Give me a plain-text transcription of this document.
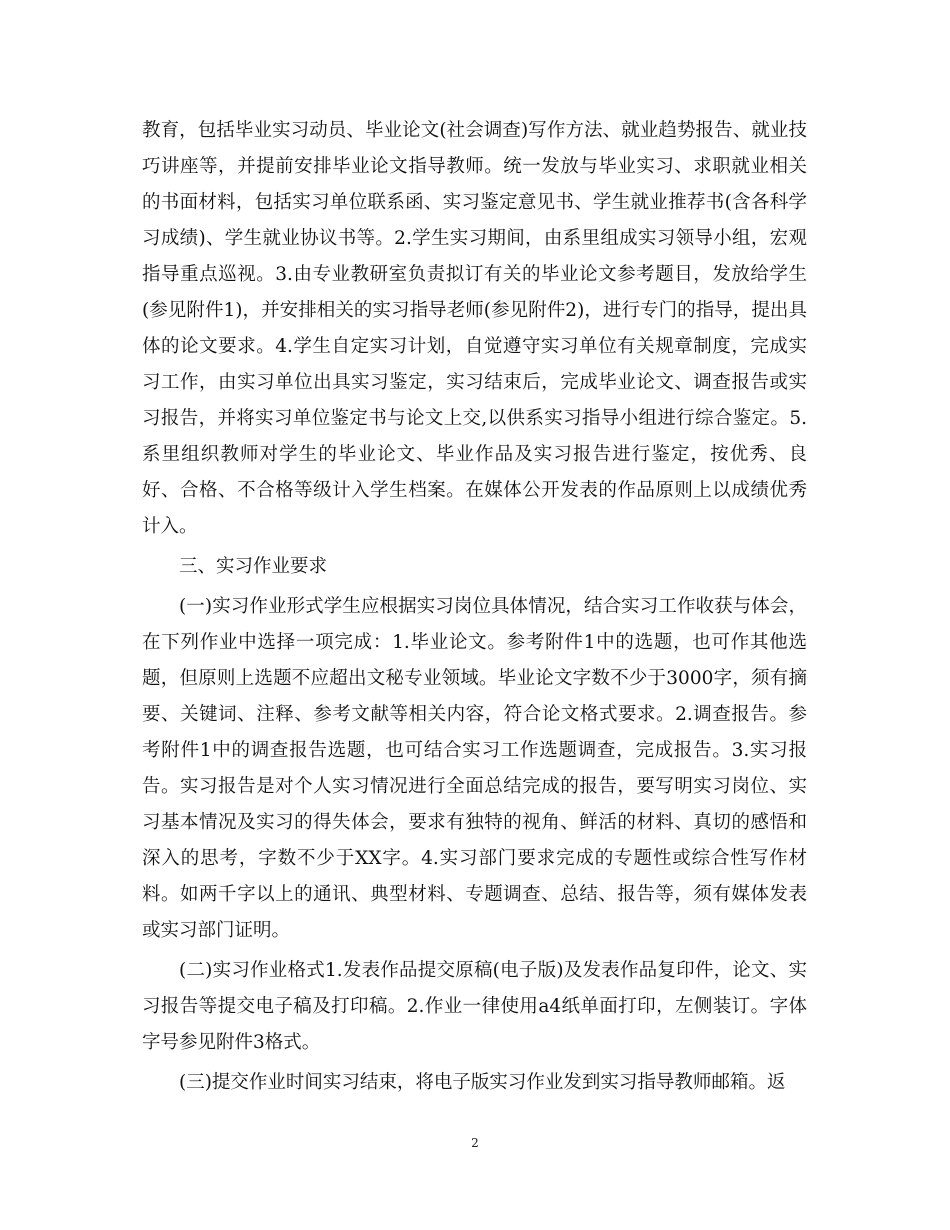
教育，包括毕业实习动员、毕业论文(社会调查)写作方法、就业趋势报告、就业技巧讲座等，并提前安排毕业论文指导教师。统一发放与毕业实习、求职就业相关的书面材料，包括实习单位联系函、实习鉴定意见书、学生就业推荐书(含各科学习成绩)、学生就业协议书等。2.学生实习期间，由系里组成实习领导小组，宏观指导重点巡视。3.由专业教研室负责拟订有关的毕业论文参考题目，发放给学生(参见附件1)，并安排相关的实习指导老师(参见附件2)，进行专门的指导，提出具体的论文要求。4.学生自定实习计划，自觉遵守实习单位有关规章制度，完成实习工作，由实习单位出具实习鉴定，实习结束后，完成毕业论文、调查报告或实习报告，并将实习单位鉴定书与论文上交,以供系实习指导小组进行综合鉴定。5.系里组织教师对学生的毕业论文、毕业作品及实习报告进行鉴定，按优秀、良好、合格、不合格等级计入学生档案。在媒体公开发表的作品原则上以成绩优秀计入。

三、实习作业要求

(一)实习作业形式学生应根据实习岗位具体情况，结合实习工作收获与体会，在下列作业中选择一项完成：1.毕业论文。参考附件1中的选题，也可作其他选题，但原则上选题不应超出文秘专业领域。毕业论文字数不少于3000字，须有摘要、关键词、注释、参考文献等相关内容，符合论文格式要求。2.调查报告。参考附件1中的调查报告选题，也可结合实习工作选题调查，完成报告。3.实习报告。实习报告是对个人实习情况进行全面总结完成的报告，要写明实习岗位、实习基本情况及实习的得失体会，要求有独特的视角、鲜活的材料、真切的感悟和深入的思考，字数不少于XX字。4.实习部门要求完成的专题性或综合性写作材料。如两千字以上的通讯、典型材料、专题调查、总结、报告等，须有媒体发表或实习部门证明。

(二)实习作业格式1.发表作品提交原稿(电子版)及发表作品复印件，论文、实习报告等提交电子稿及打印稿。2.作业一律使用a4纸单面打印，左侧装订。字体字号参见附件3格式。

(三)提交作业时间实习结束，将电子版实习作业发到实习指导教师邮箱。返

2
